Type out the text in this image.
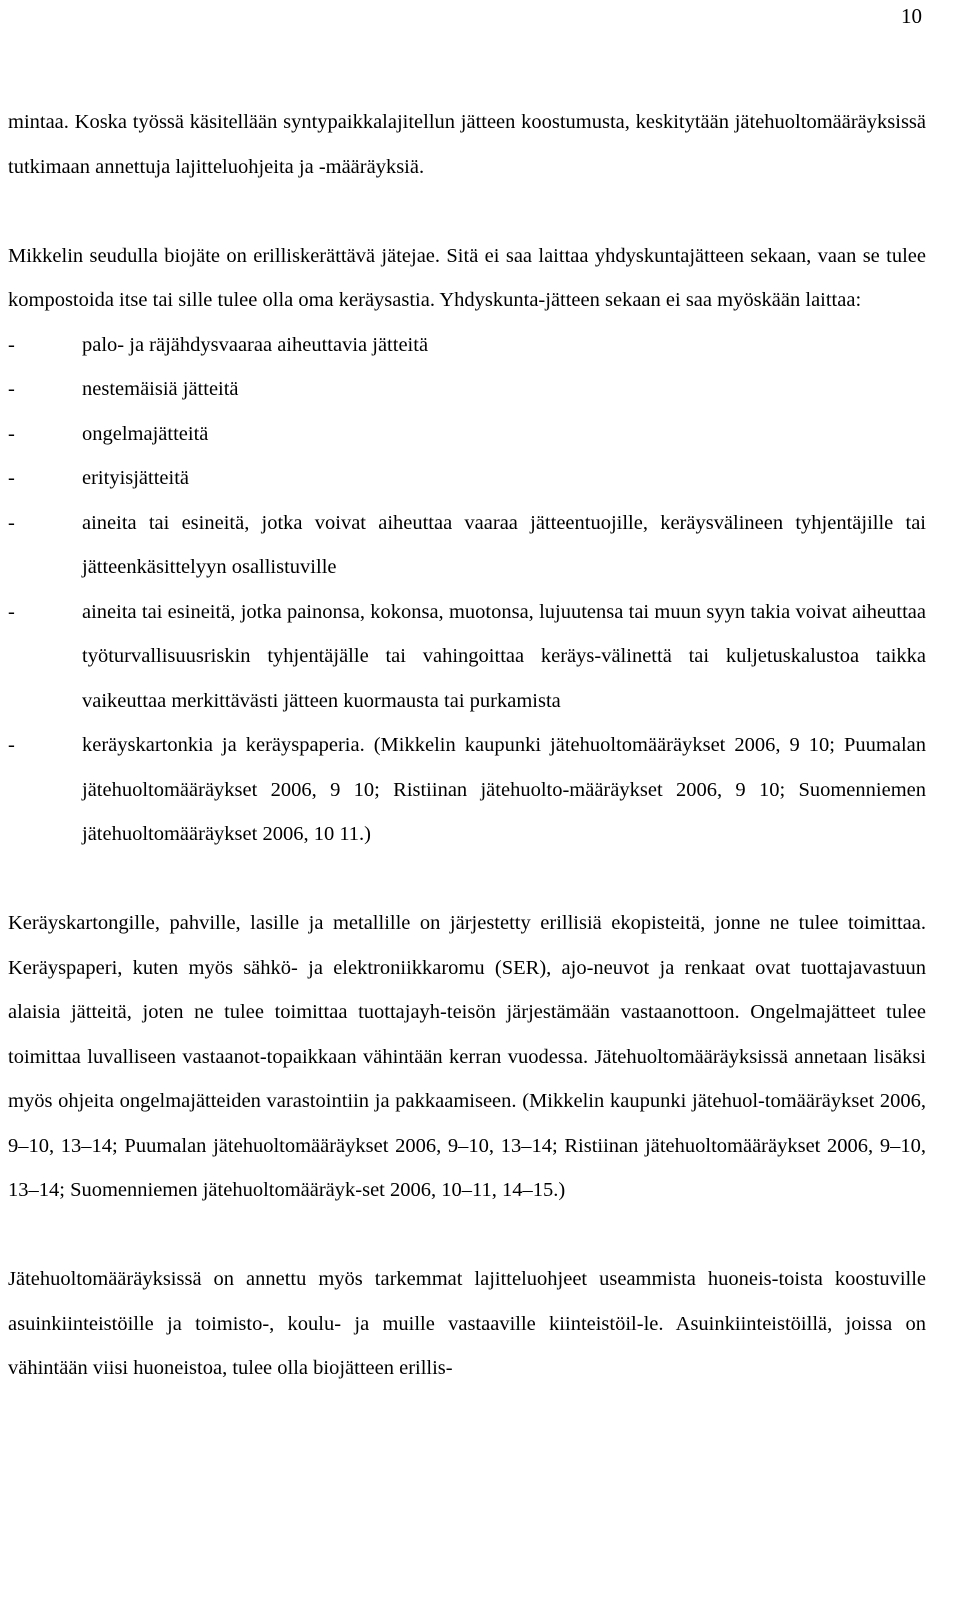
10

mintaa. Koska työssä käsitellään syntypaikkalajitellun jätteen koostumusta, keskitytään jätehuoltomääräyksissä tutkimaan annettuja lajitteluohjeita ja -määräyksiä.

Mikkelin seudulla biojäte on erilliskerättävä jätejae. Sitä ei saa laittaa yhdyskuntajätteen sekaan, vaan se tulee kompostoida itse tai sille tulee olla oma keräysastia. Yhdyskunta-jätteen sekaan ei saa myöskään laittaa:

-	palo- ja räjähdysvaaraa aiheuttavia jätteitä
-	nestemäisiä jätteitä
-	ongelmajätteitä
-	erityisjätteitä
-	aineita tai esineitä, jotka voivat aiheuttaa vaaraa jätteentuojille, keräysvälineen tyhjentäjille tai jätteenkäsittelyyn osallistuville
-	aineita tai esineitä, jotka painonsa, kokonsa, muotonsa, lujuutensa tai muun syyn takia voivat aiheuttaa työturvallisuusriskin tyhjentäjälle tai vahingoittaa keräys-välinettä tai kuljetuskalustoa taikka vaikeuttaa merkittävästi jätteen kuormausta tai purkamista
-	keräyskartonkia ja keräyspaperia. (Mikkelin kaupunki jätehuoltomääräykset 2006, 9 10; Puumalan jätehuoltomääräykset 2006, 9 10; Ristiinan jätehuolto-määräykset 2006, 9 10; Suomenniemen jätehuoltomääräykset 2006, 10 11.)

Keräyskartongille, pahville, lasille ja metallille on järjestetty erillisiä ekopisteitä, jonne ne tulee toimittaa. Keräyspaperi, kuten myös sähkö- ja elektroniikkaromu (SER), ajo-neuvot ja renkaat ovat tuottajavastuun alaisia jätteitä, joten ne tulee toimittaa tuottajayh-teisön järjestämään vastaanottoon. Ongelmajätteet tulee toimittaa luvalliseen vastaanot-topaikkaan vähintään kerran vuodessa. Jätehuoltomääräyksissä annetaan lisäksi myös ohjeita ongelmajätteiden varastointiin ja pakkaamiseen. (Mikkelin kaupunki jätehuol-tomääräykset 2006, 9–10, 13–14; Puumalan jätehuoltomääräykset 2006, 9–10, 13–14; Ristiinan jätehuoltomääräykset 2006, 9–10, 13–14; Suomenniemen jätehuoltomääräyk-set 2006, 10–11, 14–15.)

Jätehuoltomääräyksissä on annettu myös tarkemmat lajitteluohjeet useammista huoneis-toista koostuville asuinkiinteistöille ja toimisto-, koulu- ja muille vastaaville kiinteistöil-le. Asuinkiinteistöillä, joissa on vähintään viisi huoneistoa, tulee olla biojätteen erillis-
